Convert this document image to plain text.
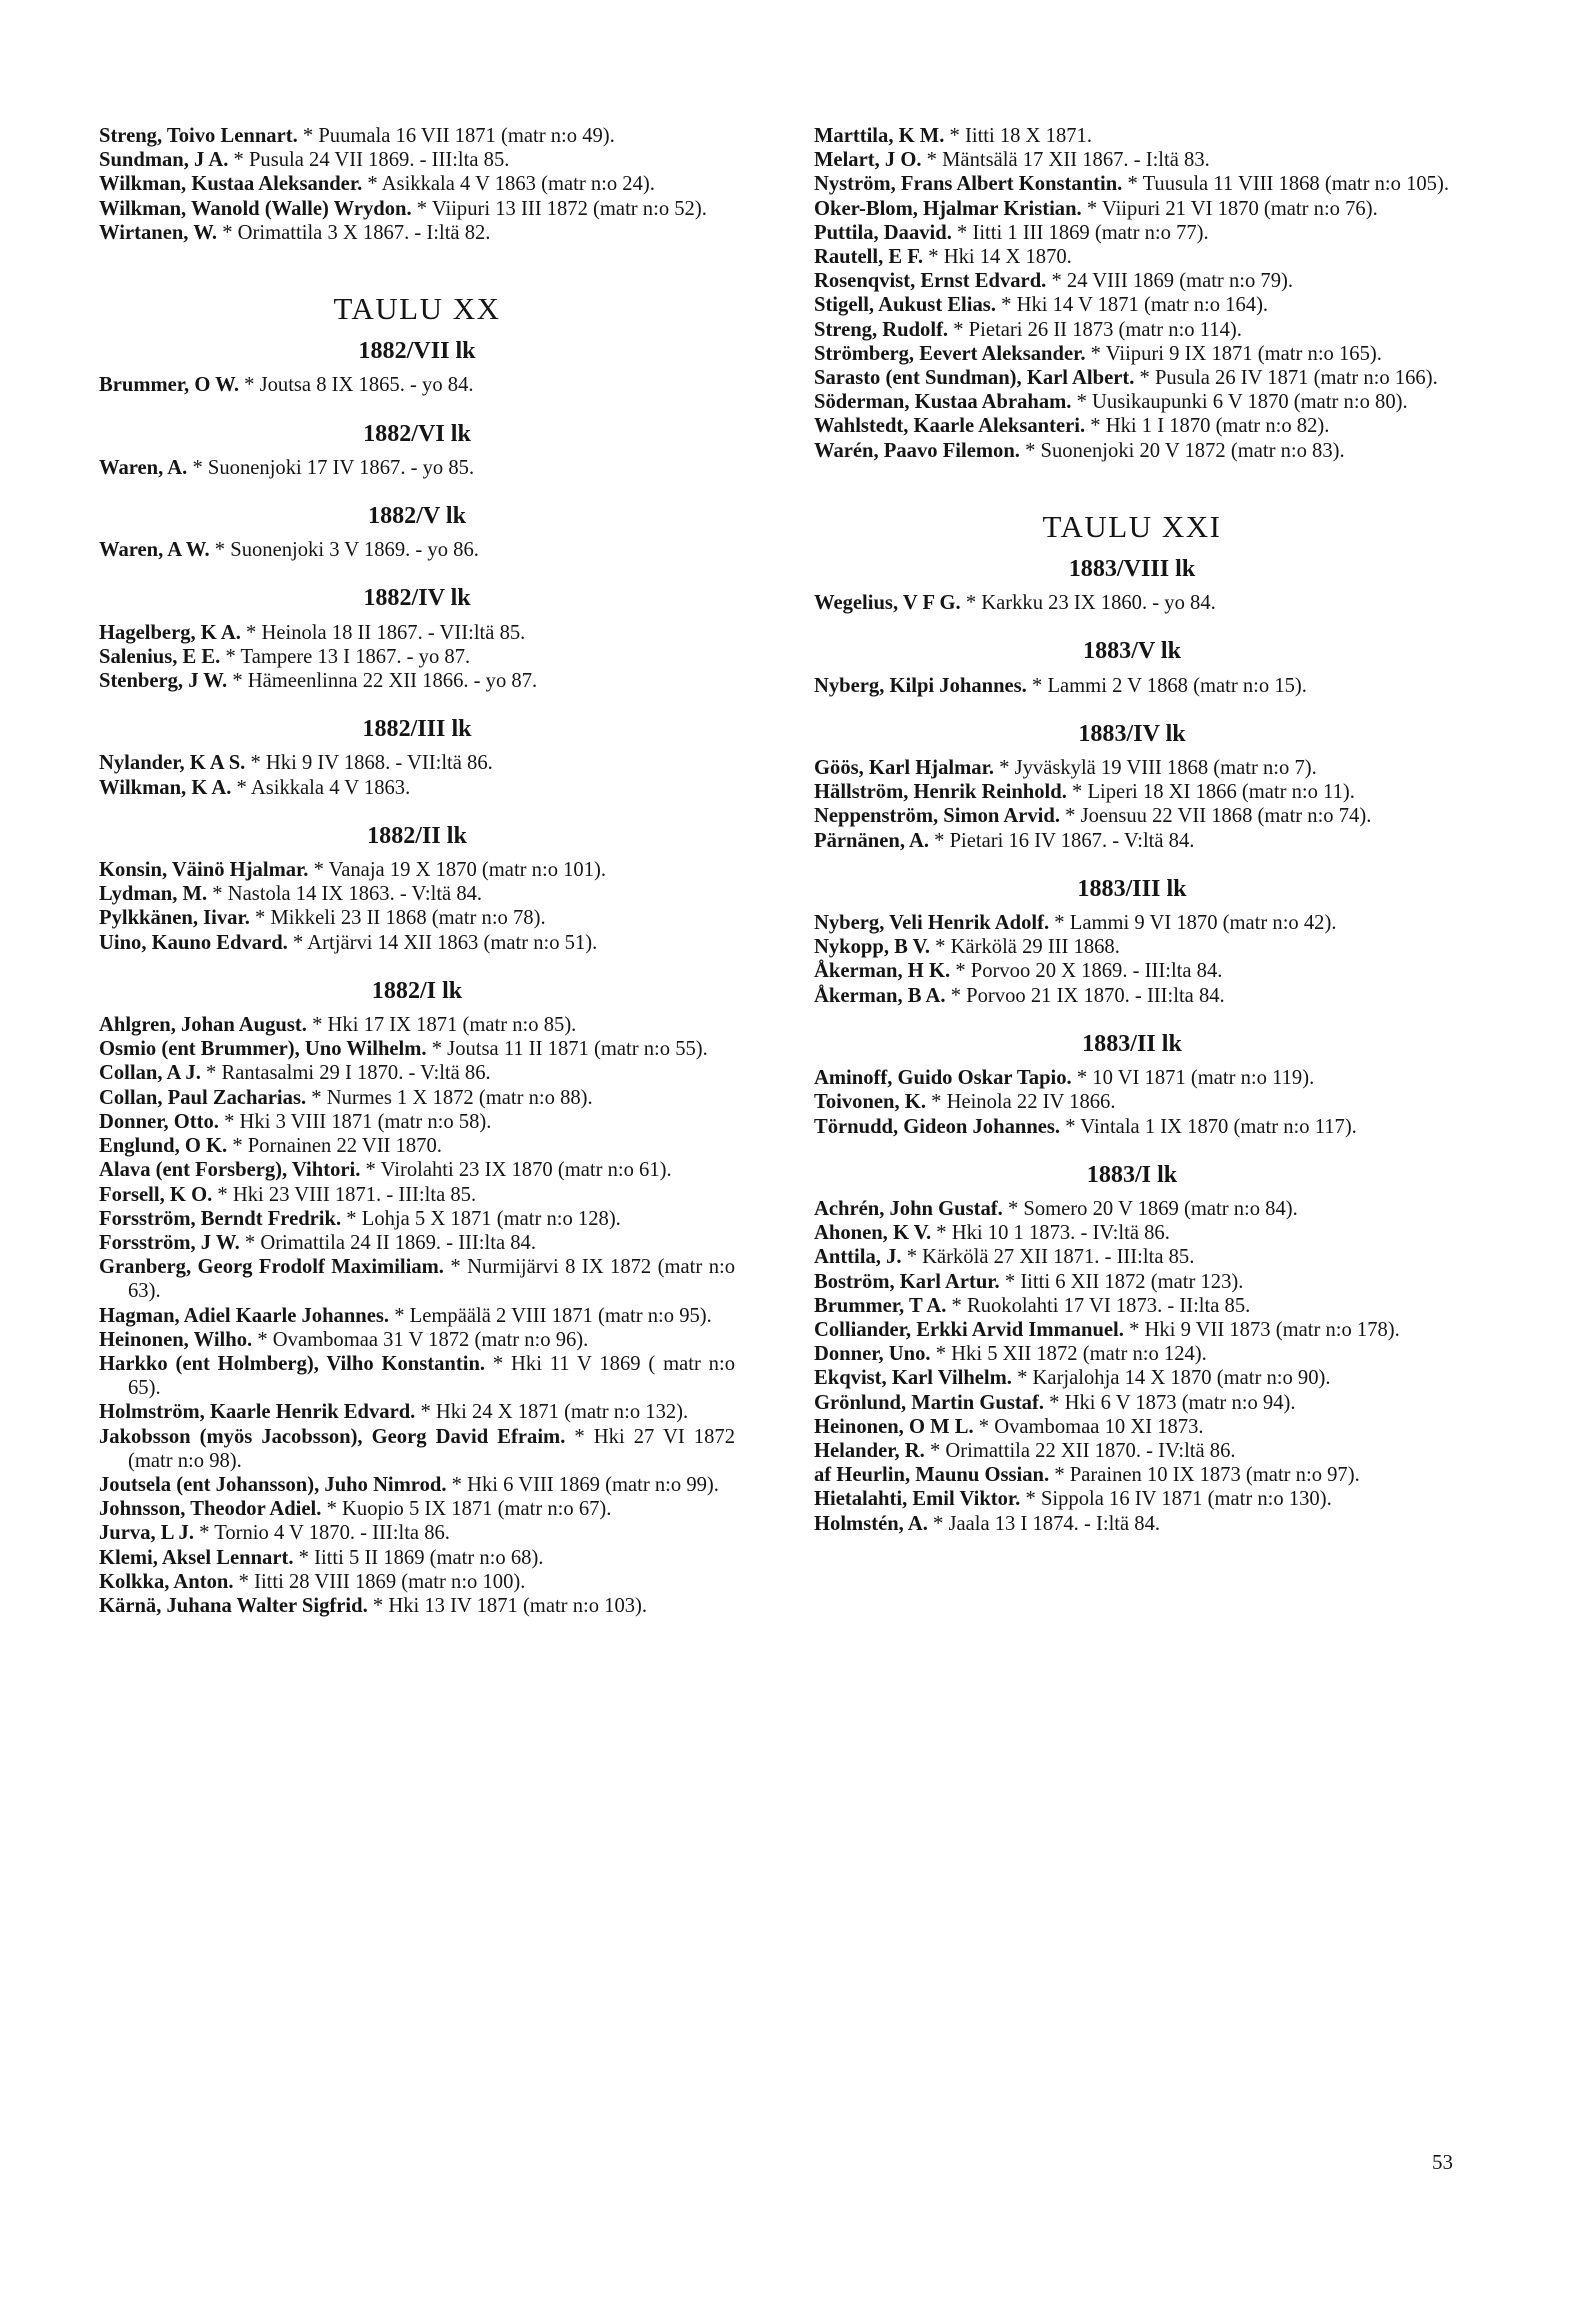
Streng, Toivo Lennart. * Puumala 16 VII 1871 (matr n:o 49).

Sundman, J A. * Pusula 24 VII 1869. - III:lta 85.

Wilkman, Kustaa Aleksander. * Asikkala 4 V 1863 (matr n:o 24).

Wilkman, Wanold (Walle) Wrydon. * Viipuri 13 III 1872 (matr n:o 52).

Wirtanen, W. * Orimattila 3 X 1867. - I:ltä 82.

TAULU XX
1882/VII lk

Brummer, O W. * Joutsa 8 IX 1865. - yo 84.

1882/VI lk

Waren, A. * Suonenjoki 17 IV 1867. - yo 85.

1882/V lk

Waren, A W. * Suonenjoki 3 V 1869. - yo 86.

1882/IV lk

Hagelberg, K A. * Heinola 18 II 1867. - VII:ltä 85.

Salenius, E E. * Tampere 13 I 1867. - yo 87.

Stenberg, J W. * Hämeenlinna 22 XII 1866. - yo 87.

1882/III lk

Nylander, K A S. * Hki 9 IV 1868. - VII:ltä 86.

Wilkman, K A. * Asikkala 4 V 1863.

1882/II lk

Konsin, Väinö Hjalmar. * Vanaja 19 X 1870 (matr n:o 101).

Lydman, M. * Nastola 14 IX 1863. - V:ltä 84.

Pylkkänen, Iivar. * Mikkeli 23 II 1868 (matr n:o 78).

Uino, Kauno Edvard. * Artjärvi 14 XII 1863 (matr n:o 51).

1882/I lk

Ahlgren, Johan August. * Hki 17 IX 1871 (matr n:o 85).

Osmio (ent Brummer), Uno Wilhelm. * Joutsa 11 II 1871 (matr n:o 55).

Collan, A J. * Rantasalmi 29 I 1870. - V:ltä 86.

Collan, Paul Zacharias. * Nurmes 1 X 1872 (matr n:o 88).

Donner, Otto. * Hki 3 VIII 1871 (matr n:o 58).

Englund, O K. * Pornainen 22 VII 1870.

Alava (ent Forsberg), Vihtori. * Virolahti 23 IX 1870 (matr n:o 61).

Forsell, K O. * Hki 23 VIII 1871. - III:lta 85.

Forsström, Berndt Fredrik. * Lohja 5 X 1871 (matr n:o 128).

Forsström, J W. * Orimattila 24 II 1869. - III:lta 84.

Granberg, Georg Frodolf Maximiliam. * Nurmijärvi 8 IX 1872 (matr n:o 63).

Hagman, Adiel Kaarle Johannes. * Lempäälä 2 VIII 1871 (matr n:o 95).

Heinonen, Wilho. * Ovambomaa 31 V 1872 (matr n:o 96).

Harkko (ent Holmberg), Vilho Konstantin. * Hki 11 V 1869 ( matr n:o 65).

Holmström, Kaarle Henrik Edvard. * Hki 24 X 1871 (matr n:o 132).

Jakobsson (myös Jacobsson), Georg David Efraim. * Hki 27 VI 1872 (matr n:o 98).

Joutsela (ent Johansson), Juho Nimrod. * Hki 6 VIII 1869 (matr n:o 99).

Johnsson, Theodor Adiel. * Kuopio 5 IX 1871 (matr n:o 67).

Jurva, L J. * Tornio 4 V 1870. - III:lta 86.

Klemi, Aksel Lennart. * Iitti 5 II 1869 (matr n:o 68).

Kolkka, Anton. * Iitti 28 VIII 1869 (matr n:o 100).

Kärnä, Juhana Walter Sigfrid. * Hki 13 IV 1871 (matr n:o 103).

Marttila, K M. * Iitti 18 X 1871.

Melart, J O. * Mäntsälä 17 XII 1867. - I:ltä 83.

Nyström, Frans Albert Konstantin. * Tuusula 11 VIII 1868 (matr n:o 105).

Oker-Blom, Hjalmar Kristian. * Viipuri 21 VI 1870 (matr n:o 76).

Puttila, Daavid. * Iitti 1 III 1869 (matr n:o 77).

Rautell, E F. * Hki 14 X 1870.

Rosenqvist, Ernst Edvard. * 24 VIII 1869 (matr n:o 79).

Stigell, Aukust Elias. * Hki 14 V 1871 (matr n:o 164).

Streng, Rudolf. * Pietari 26 II 1873 (matr n:o 114).

Strömberg, Eevert Aleksander. * Viipuri 9 IX 1871 (matr n:o 165).

Sarasto (ent Sundman), Karl Albert. * Pusula 26 IV 1871 (matr n:o 166).

Söderman, Kustaa Abraham. * Uusikaupunki 6 V 1870 (matr n:o 80).

Wahlstedt, Kaarle Aleksanteri. * Hki 1 I 1870 (matr n:o 82).

Warén, Paavo Filemon. * Suonenjoki 20 V 1872 (matr n:o 83).

TAULU XXI
1883/VIII lk

Wegelius, V F G. * Karkku 23 IX 1860. - yo 84.

1883/V lk

Nyberg, Kilpi Johannes. * Lammi 2 V 1868 (matr n:o 15).

1883/IV lk

Göös, Karl Hjalmar. * Jyväskylä 19 VIII 1868 (matr n:o 7).

Hällström, Henrik Reinhold. * Liperi 18 XI 1866 (matr n:o 11).

Neppenström, Simon Arvid. * Joensuu 22 VII 1868 (matr n:o 74).

Pärnänen, A. * Pietari 16 IV 1867. - V:ltä 84.

1883/III lk

Nyberg, Veli Henrik Adolf. * Lammi 9 VI 1870 (matr n:o 42).

Nykopp, B V. * Kärkölä 29 III 1868.

Åkerman, H K. * Porvoo 20 X 1869. - III:lta 84.

Åkerman, B A. * Porvoo 21 IX 1870. - III:lta 84.

1883/II lk

Aminoff, Guido Oskar Tapio. * 10 VI 1871 (matr n:o 119).

Toivonen, K. * Heinola 22 IV 1866.

Törnudd, Gideon Johannes. * Vintala 1 IX 1870 (matr n:o 117).

1883/I lk

Achrén, John Gustaf. * Somero 20 V 1869 (matr n:o 84).

Ahonen, K V. * Hki 10 1 1873. - IV:ltä 86.

Anttila, J. * Kärkölä 27 XII 1871. - III:lta 85.

Boström, Karl Artur. * Iitti 6 XII 1872 (matr 123).

Brummer, T A. * Ruokolahti 17 VI 1873. - II:lta 85.

Colliander, Erkki Arvid Immanuel. * Hki 9 VII 1873 (matr n:o 178).

Donner, Uno. * Hki 5 XII 1872 (matr n:o 124).

Ekqvist, Karl Vilhelm. * Karjalohja 14 X 1870 (matr n:o 90).

Grönlund, Martin Gustaf. * Hki 6 V 1873 (matr n:o 94).

Heinonen, O M L. * Ovambomaa 10 XI 1873.

Helander, R. * Orimattila 22 XII 1870. - IV:ltä 86.

af Heurlin, Maunu Ossian. * Parainen 10 IX 1873 (matr n:o 97).

Hietalahti, Emil Viktor. * Sippola 16 IV 1871 (matr n:o 130).

Holmstén, A. * Jaala 13 I 1874. - I:ltä 84.

53
